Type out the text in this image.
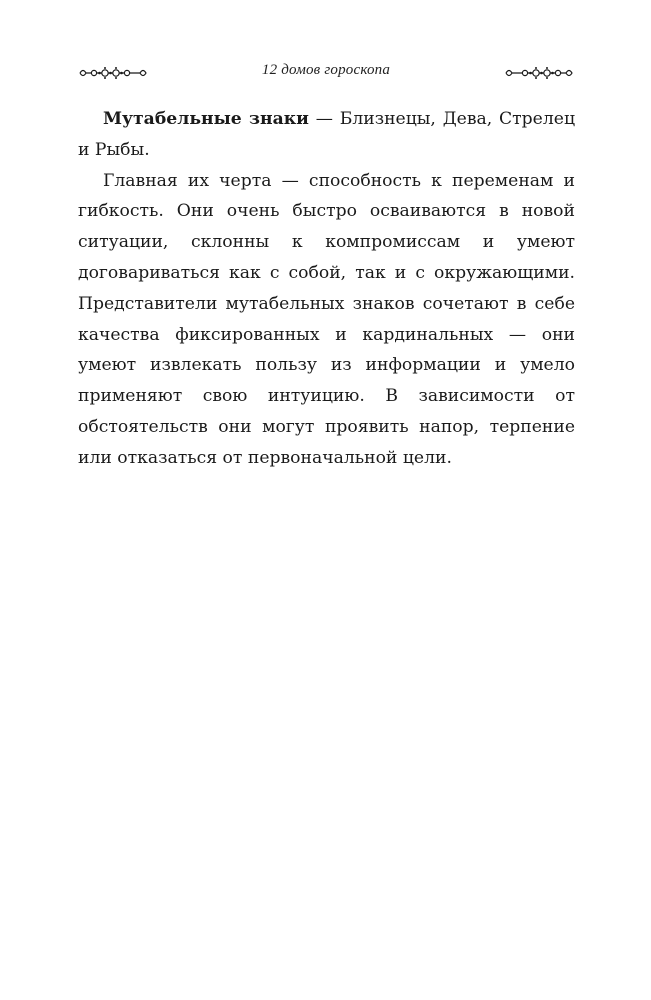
12 домов гороскопа

Мутабельные знаки — Близнецы, Дева, Стрелец и Рыбы.

Главная их черта — способность к переменам и гибкость. Они очень быстро осваиваются в новой ситуации, склонны к компромиссам и умеют договариваться как с собой, так и с окружающими. Представители мутабельных знаков сочетают в себе качества фиксированных и кардинальных — они умеют извлекать пользу из информации и умело применяют свою интуицию. В зависимости от обстоятельств они могут проявить напор, терпение или отказаться от первоначальной цели.
